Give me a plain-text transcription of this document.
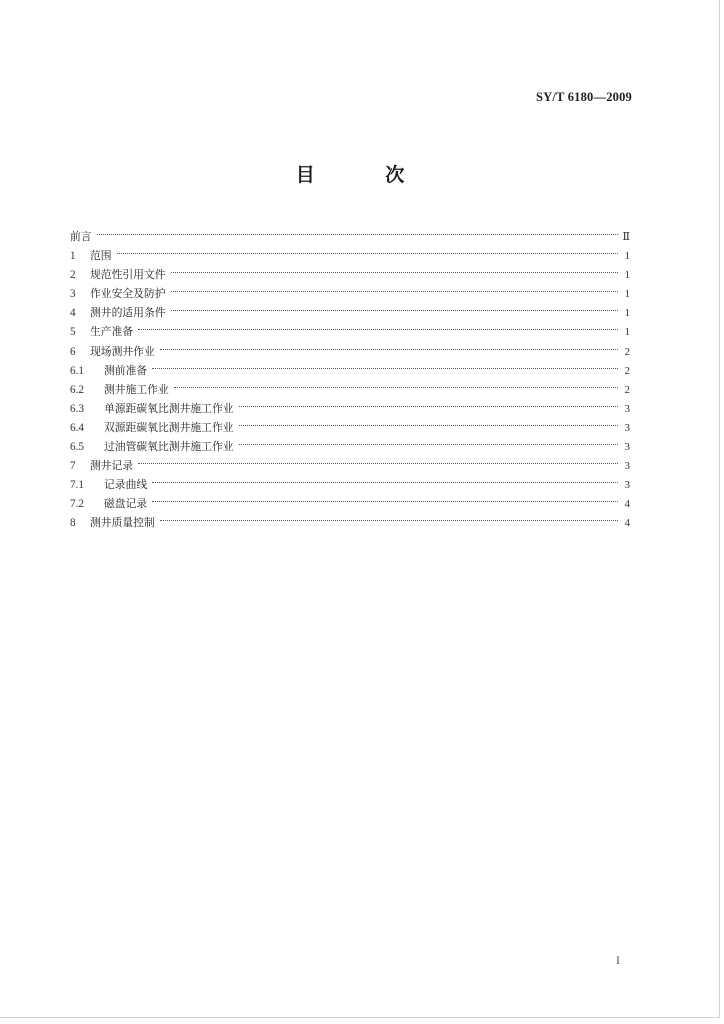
SY/T 6180—2009
目 次
前言	Ⅱ
1	范围	1
2	规范性引用文件	1
3	作业安全及防护	1
4	测井的适用条件	1
5	生产准备	1
6	现场测井作业	2
6.1	测前准备	2
6.2	测井施工作业	2
6.3	单源距碳氧比测井施工作业	3
6.4	双源距碳氧比测井施工作业	3
6.5	过油管碳氧比测井施工作业	3
7	测井记录	3
7.1	记录曲线	3
7.2	磁盘记录	4
8	测井质量控制	4
I
